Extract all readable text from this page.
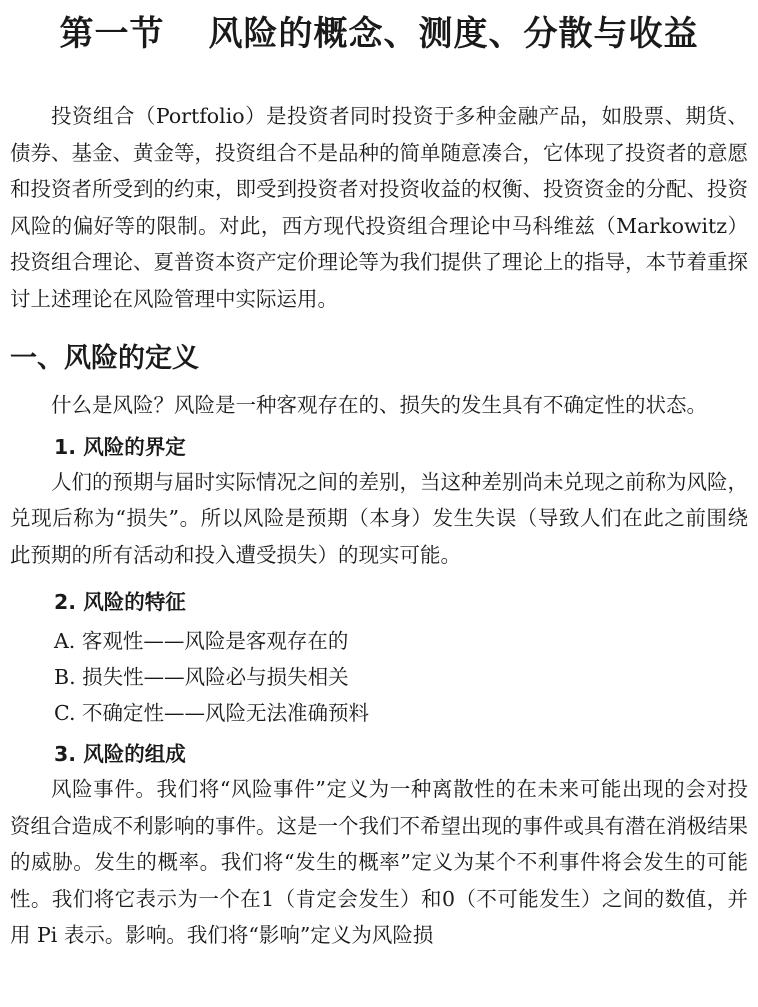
第一节 风险的概念、测度、分散与收益

投资组合（Portfolio）是投资者同时投资于多种金融产品，如股票、期货、债券、基金、黄金等，投资组合不是品种的简单随意凑合，它体现了投资者的意愿和投资者所受到的约束，即受到投资者对投资收益的权衡、投资资金的分配、投资风险的偏好等的限制。对此，西方现代投资组合理论中马科维兹（Markowitz）投资组合理论、夏普资本资产定价理论等为我们提供了理论上的指导，本节着重探讨上述理论在风险管理中实际运用。

一、风险的定义

什么是风险？风险是一种客观存在的、损失的发生具有不确定性的状态。

1. 风险的界定

人们的预期与届时实际情况之间的差别，当这种差别尚未兑现之前称为风险，兑现后称为“损失”。所以风险是预期（本身）发生失误（导致人们在此之前围绕此预期的所有活动和投入遭受损失）的现实可能。

2. 风险的特征

A. 客观性——风险是客观存在的

B. 损失性——风险必与损失相关

C. 不确定性——风险无法准确预料

3. 风险的组成

风险事件。我们将“风险事件”定义为一种离散性的在未来可能出现的会对投资组合造成不利影响的事件。这是一个我们不希望出现的事件或具有潜在消极结果的威胁。发生的概率。我们将“发生的概率”定义为某个不利事件将会发生的可能性。我们将它表示为一个在1（肯定会发生）和0（不可能发生）之间的数值，并用 Pi 表示。影响。我们将“影响”定义为风险损
